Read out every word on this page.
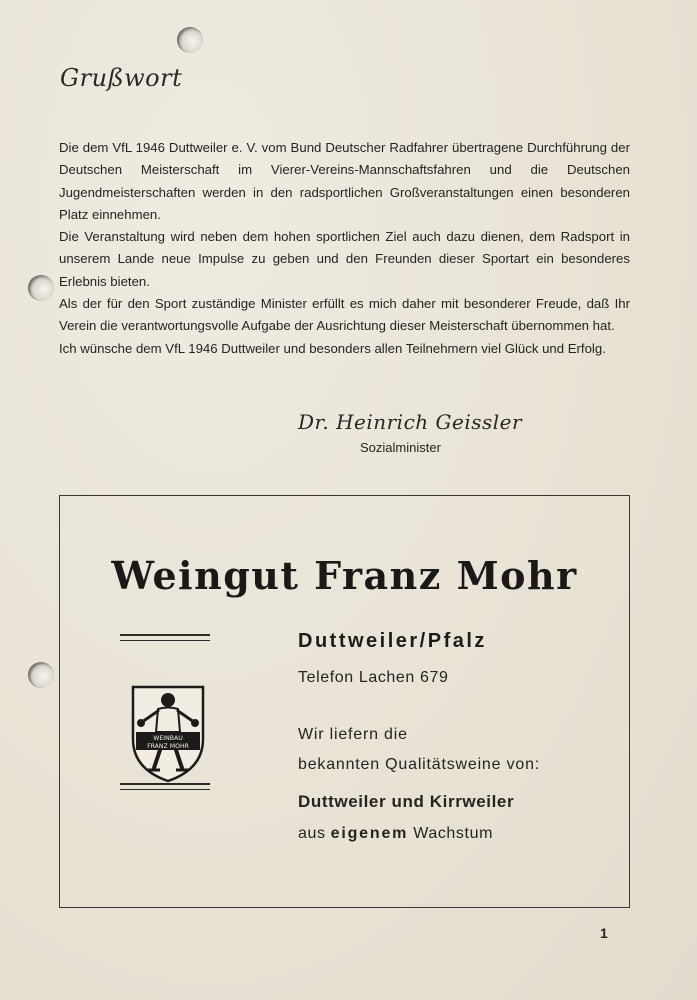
Grußwort

Die dem VfL 1946 Duttweiler e. V. vom Bund Deutscher Radfahrer übertragene Durchführung der Deutschen Meisterschaft im Vierer-Vereins-Mannschaftsfahren und die Deutschen Jugendmeisterschaften werden in den radsportlichen Großveranstaltungen einen besonderen Platz einnehmen.

Die Veranstaltung wird neben dem hohen sportlichen Ziel auch dazu dienen, dem Radsport in unserem Lande neue Impulse zu geben und den Freunden dieser Sportart ein besonderes Erlebnis bieten.

Als der für den Sport zuständige Minister erfüllt es mich daher mit besonderer Freude, daß Ihr Verein die verantwortungsvolle Aufgabe der Ausrichtung dieser Meisterschaft übernommen hat.

Ich wünsche dem VfL 1946 Duttweiler und besonders allen Teilnehmern viel Glück und Erfolg.

Dr. Heinrich Geissler
Sozialminister
Weingut Franz Mohr
WEINBAU
FRANZ MOHR
Duttweiler/Pfalz
Telefon Lachen 679
Wir liefern die
bekannten Qualitätsweine von:
Duttweiler und Kirrweiler
aus eigenem Wachstum
1
